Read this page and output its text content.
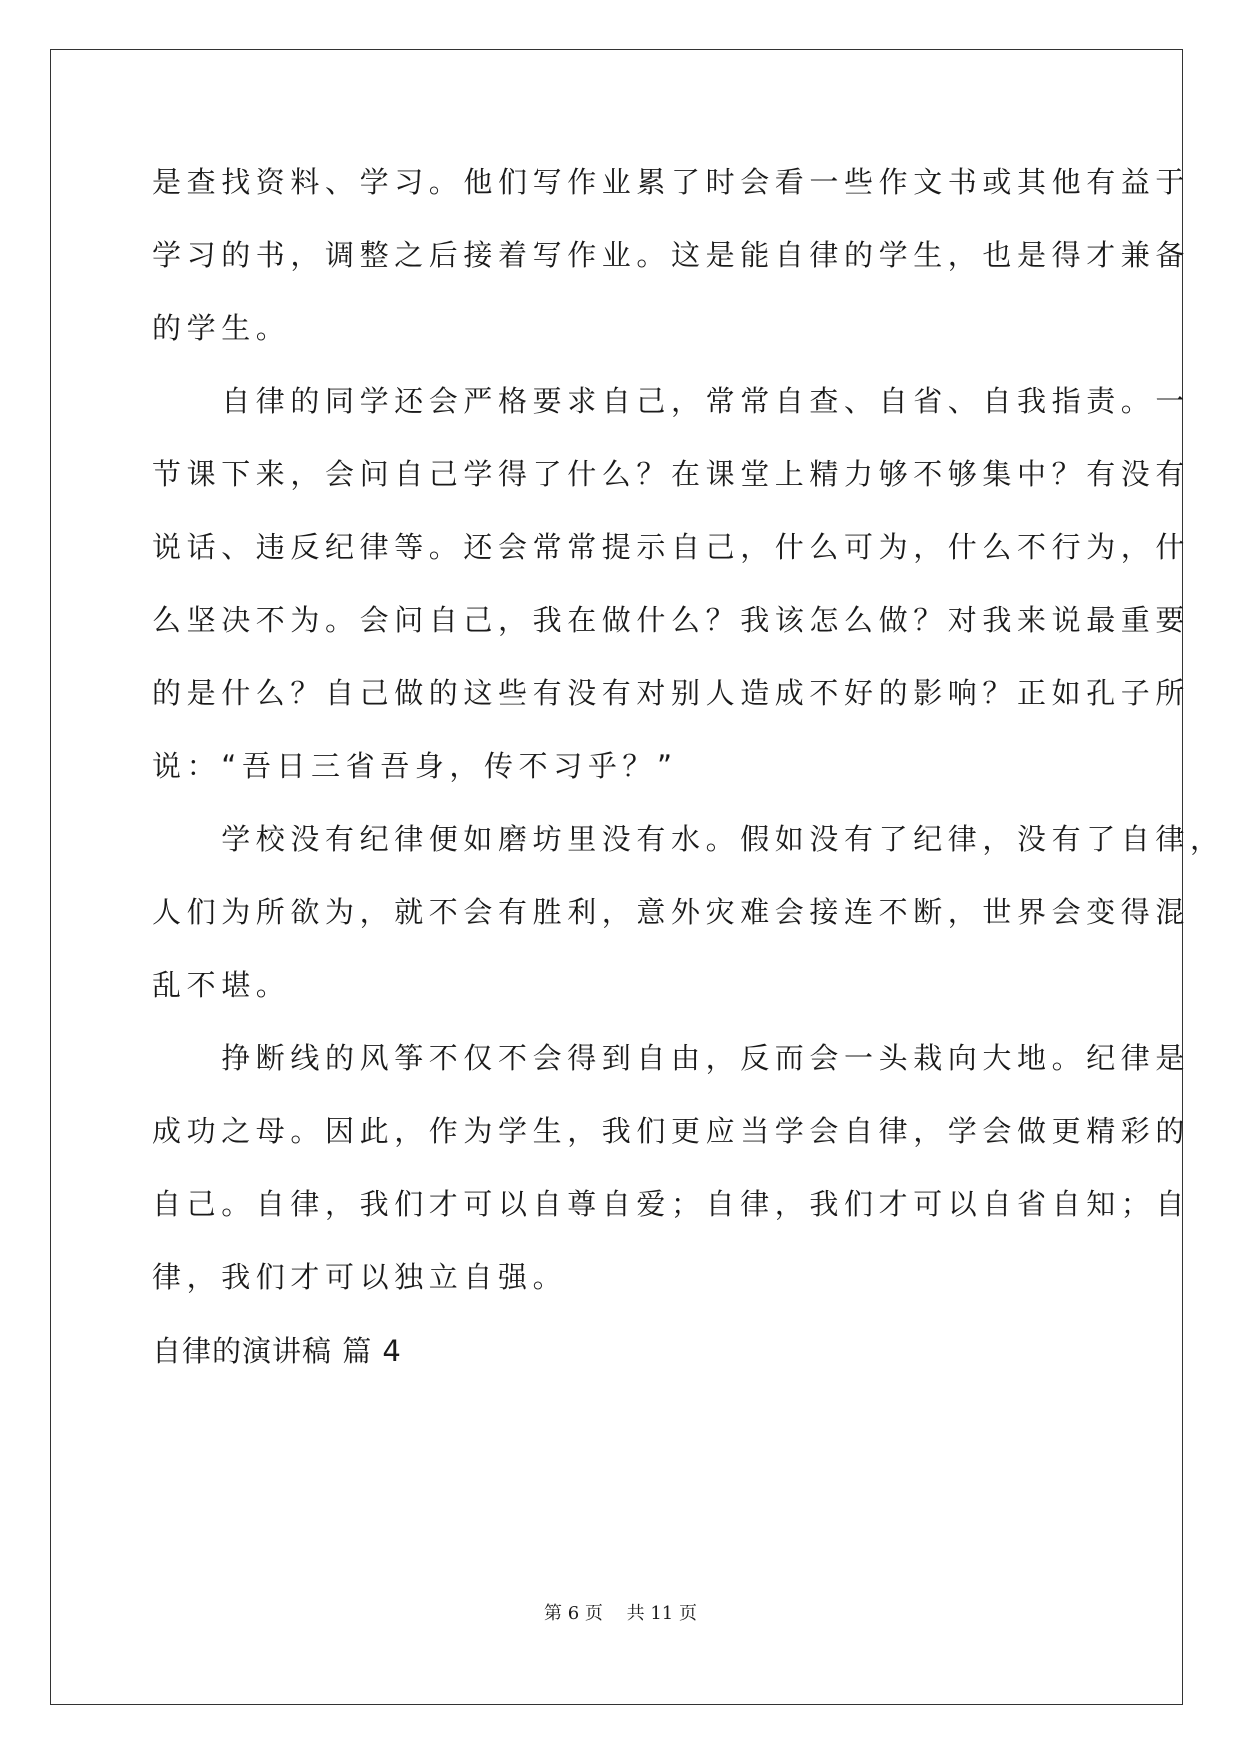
是查找资料、学习。他们写作业累了时会看一些作文书或其他有益于
学习的书，调整之后接着写作业。这是能自律的学生，也是得才兼备
的学生。
　　自律的同学还会严格要求自己，常常自查、自省、自我指责。一
节课下来，会问自己学得了什么？在课堂上精力够不够集中？有没有
说话、违反纪律等。还会常常提示自己，什么可为，什么不行为，什
么坚决不为。会问自己，我在做什么？我该怎么做？对我来说最重要
的是什么？自己做的这些有没有对别人造成不好的影响？正如孔子所
说：“吾日三省吾身，传不习乎？”
　　学校没有纪律便如磨坊里没有水。假如没有了纪律，没有了自律，
人们为所欲为，就不会有胜利，意外灾难会接连不断，世界会变得混
乱不堪。
　　挣断线的风筝不仅不会得到自由，反而会一头栽向大地。纪律是
成功之母。因此，作为学生，我们更应当学会自律，学会做更精彩的
自己。自律，我们才可以自尊自爱；自律，我们才可以自省自知；自
律，我们才可以独立自强。
自律的演讲稿 篇 4
第 6 页　 共 11 页
